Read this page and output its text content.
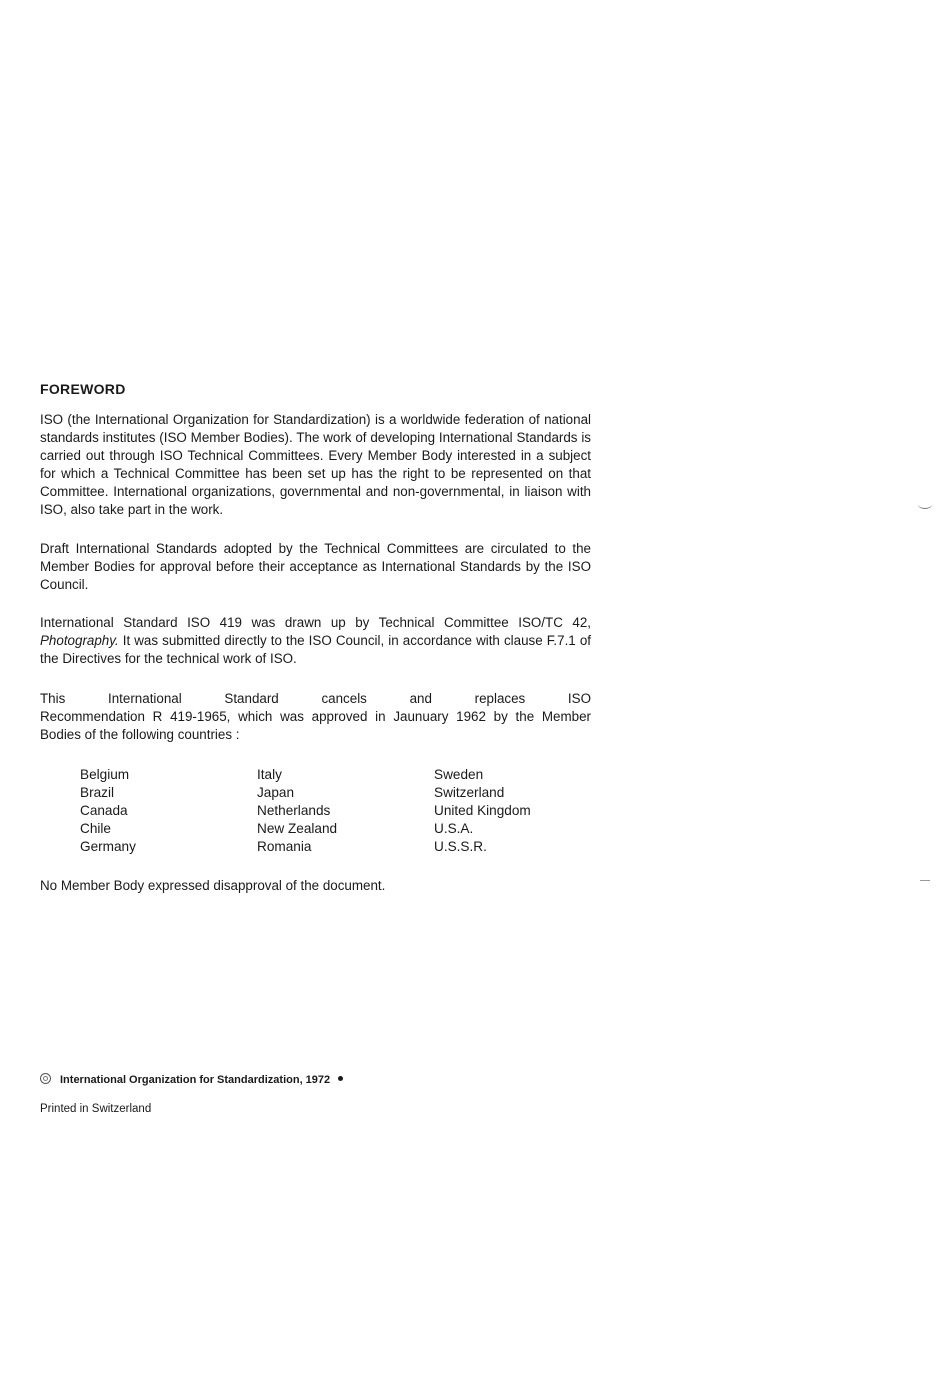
FOREWORD

ISO (the International Organization for Standardization) is a worldwide federation of national standards institutes (ISO Member Bodies). The work of developing International Standards is carried out through ISO Technical Committees. Every Member Body interested in a subject for which a Technical Committee has been set up has the right to be represented on that Committee. International organizations, governmental and non-governmental, in liaison with ISO, also take part in the work.

Draft International Standards adopted by the Technical Committees are circulated to the Member Bodies for approval before their acceptance as International Standards by the ISO Council.

International Standard ISO 419 was drawn up by Technical Committee ISO/TC 42, Photography. It was submitted directly to the ISO Council, in accordance with clause F.7.1 of the Directives for the technical work of ISO.

This International Standard cancels and replaces ISO Recommendation R 419-1965, which was approved in Jaunuary 1962 by the Member Bodies of the following countries :

Belgium
Brazil
Canada
Chile
Germany
Italy
Japan
Netherlands
New Zealand
Romania
Sweden
Switzerland
United Kingdom
U.S.A.
U.S.S.R.

No Member Body expressed disapproval of the document.

International Organization for Standardization, 1972
Printed in Switzerland
